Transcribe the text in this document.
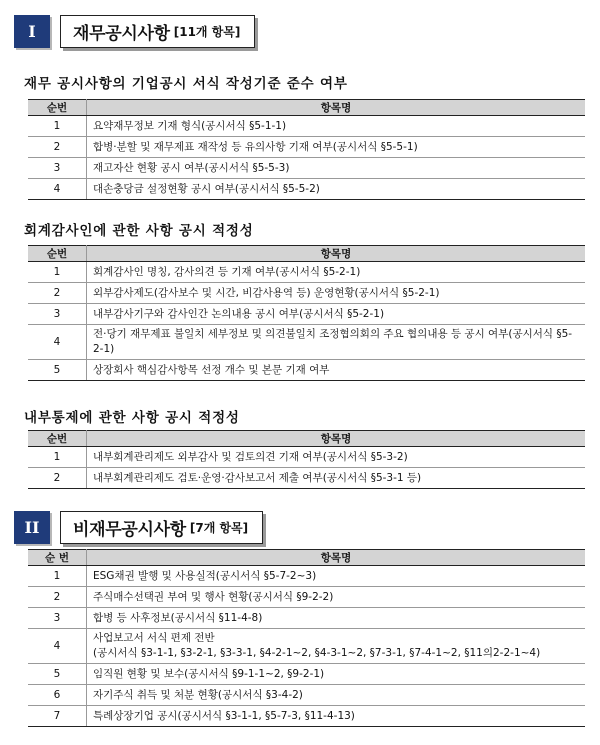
I	재무공시사항 [11개 항목]
재무 공시사항의 기업공시 서식 작성기준 준수 여부
순번	항목명
1	요약재무정보 기재 형식(공시서식 §5-1-1)
2	합병·분할 및 재무제표 재작성 등 유의사항 기재 여부(공시서식 §5-5-1)
3	재고자산 현황 공시 여부(공시서식 §5-5-3)
4	대손충당금 설정현황 공시 여부(공시서식 §5-5-2)
회계감사인에 관한 사항 공시 적정성
순번	항목명
1	회계감사인 명칭, 감사의견 등 기재 여부(공시서식 §5-2-1)
2	외부감사제도(감사보수 및 시간, 비감사용역 등) 운영현황(공시서식 §5-2-1)
3	내부감사기구와 감사인간 논의내용 공시 여부(공시서식 §5-2-1)
4	전·당기 재무제표 불일치 세부정보 및 의견불일치 조정협의회의 주요 협의내용 등 공시 여부(공시서식 §5-2-1)
5	상장회사 핵심감사항목 선정 개수 및 본문 기재 여부
내부통제에 관한 사항 공시 적정성
순번	항목명
1	내부회계관리제도 외부감사 및 검토의견 기재 여부(공시서식 §5-3-2)
2	내부회계관리제도 검토·운영·감사보고서 제출 여부(공시서식 §5-3-1 등)
II	비재무공시사항 [7개 항목]
순 번	항목명
1	ESG채권 발행 및 사용실적(공시서식 §5-7-2~3)
2	주식매수선택권 부여 및 행사 현황(공시서식 §9-2-2)
3	합병 등 사후정보(공시서식 §11-4-8)
4	사업보고서 서식 편제 전반
(공시서식 §3-1-1, §3-2-1, §3-3-1, §4-2-1~2, §4-3-1~2, §7-3-1, §7-4-1~2, §11의2-2-1~4)
5	임직원 현황 및 보수(공시서식 §9-1-1~2, §9-2-1)
6	자기주식 취득 및 처분 현황(공시서식 §3-4-2)
7	특례상장기업 공시(공시서식 §3-1-1, §5-7-3, §11-4-13)
